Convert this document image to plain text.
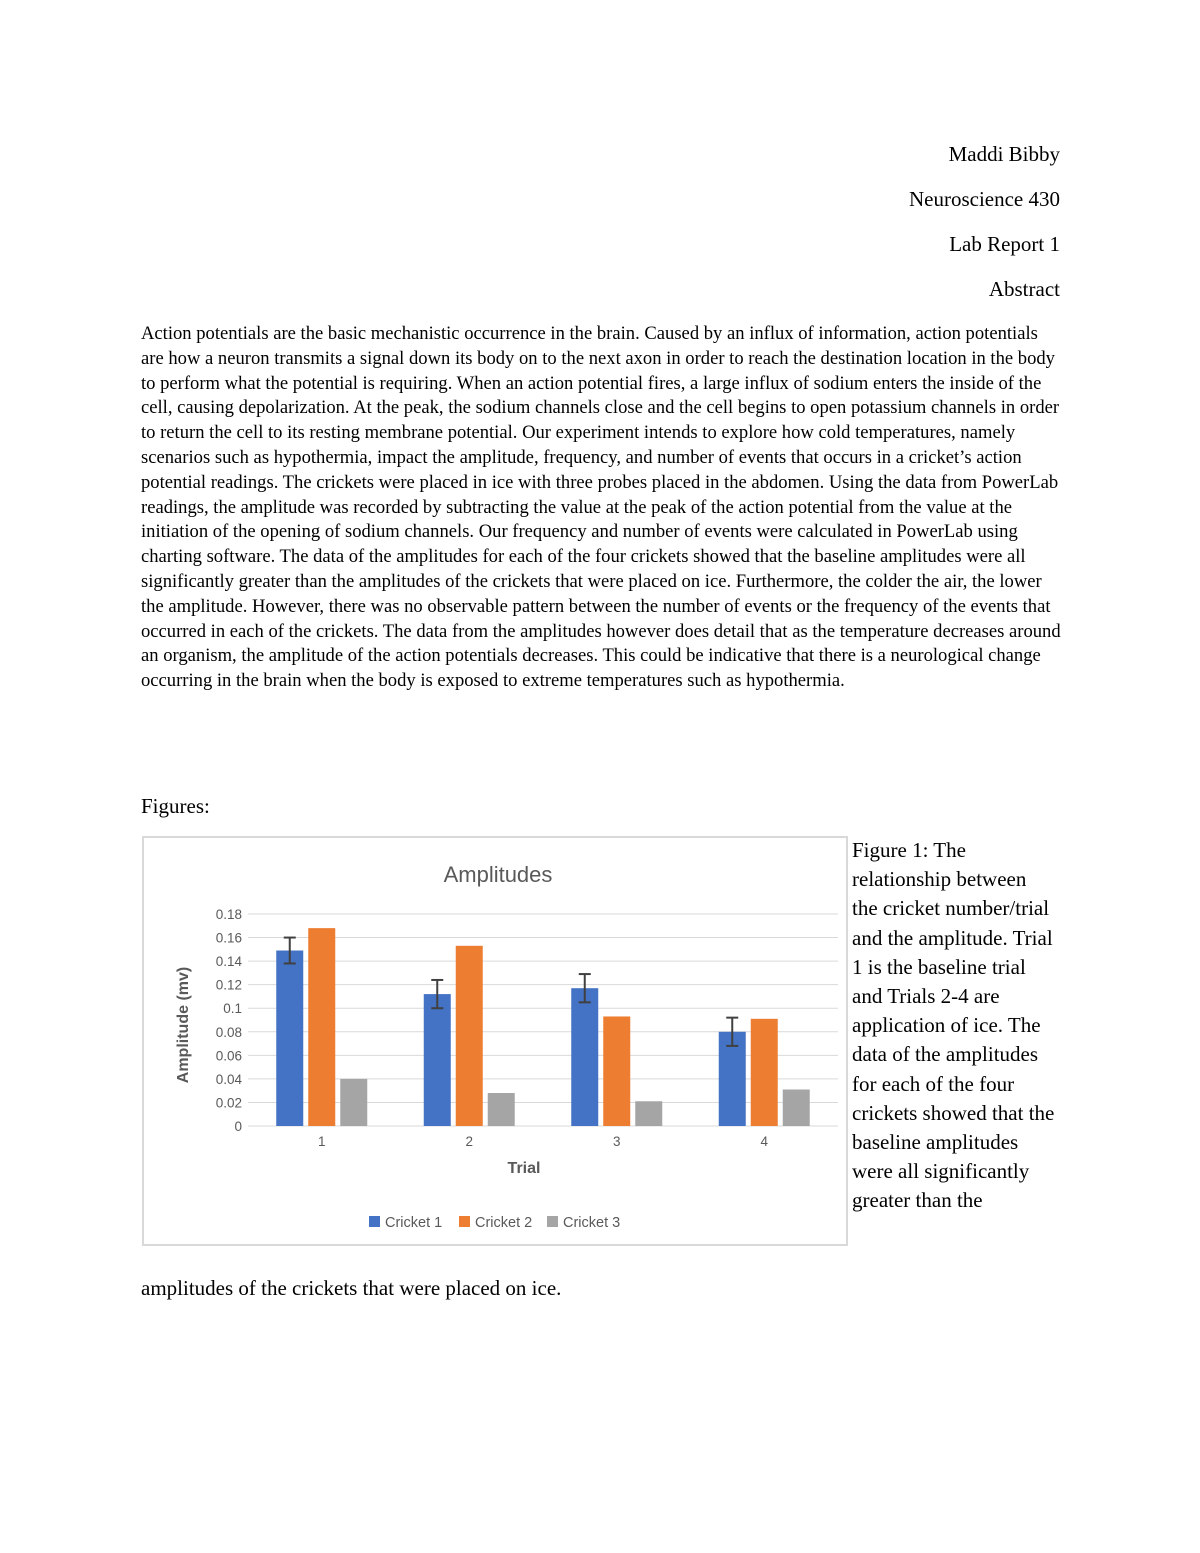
Maddi Bibby
Neuroscience 430
Lab Report 1
Abstract

Action potentials are the basic mechanistic occurrence in the brain. Caused by an influx of information, action potentials are how a neuron transmits a signal down its body on to the next axon in order to reach the destination location in the body to perform what the potential is requiring. When an action potential fires, a large influx of sodium enters the inside of the cell, causing depolarization. At the peak, the sodium channels close and the cell begins to open potassium channels in order to return the cell to its resting membrane potential. Our experiment intends to explore how cold temperatures, namely scenarios such as hypothermia, impact the amplitude, frequency, and number of events that occurs in a cricket’s action potential readings. The crickets were placed in ice with three probes placed in the abdomen. Using the data from PowerLab readings, the amplitude was recorded by subtracting the value at the peak of the action potential from the value at the initiation of the opening of sodium channels. Our frequency and number of events were calculated in PowerLab using charting software. The data of the amplitudes for each of the four crickets showed that the baseline amplitudes were all significantly greater than the amplitudes of the crickets that were placed on ice. Furthermore, the colder the air, the lower the amplitude. However, there was no observable pattern between the number of events or the frequency of the events that occurred in each of the crickets. The data from the amplitudes however does detail that as the temperature decreases around an organism, the amplitude of the action potentials decreases. This could be indicative that there is a neurological change occurring in the brain when the body is exposed to extreme temperatures such as hypothermia.

Figures:
0
0.02
0.04
0.06
0.08
0.1
0.12
0.14
0.16
0.18
1	2	3	4
Amplitudes
Trial
Amplitude (mv)
Cricket 1 Cricket 2 Cricket 3

Figure 1: The relationship between the cricket number/trial and the amplitude. Trial 1 is the baseline trial and Trials 2-4 are application of ice. The data of the amplitudes for each of the four crickets showed that the baseline amplitudes were all significantly greater than the

amplitudes of the crickets that were placed on ice.
